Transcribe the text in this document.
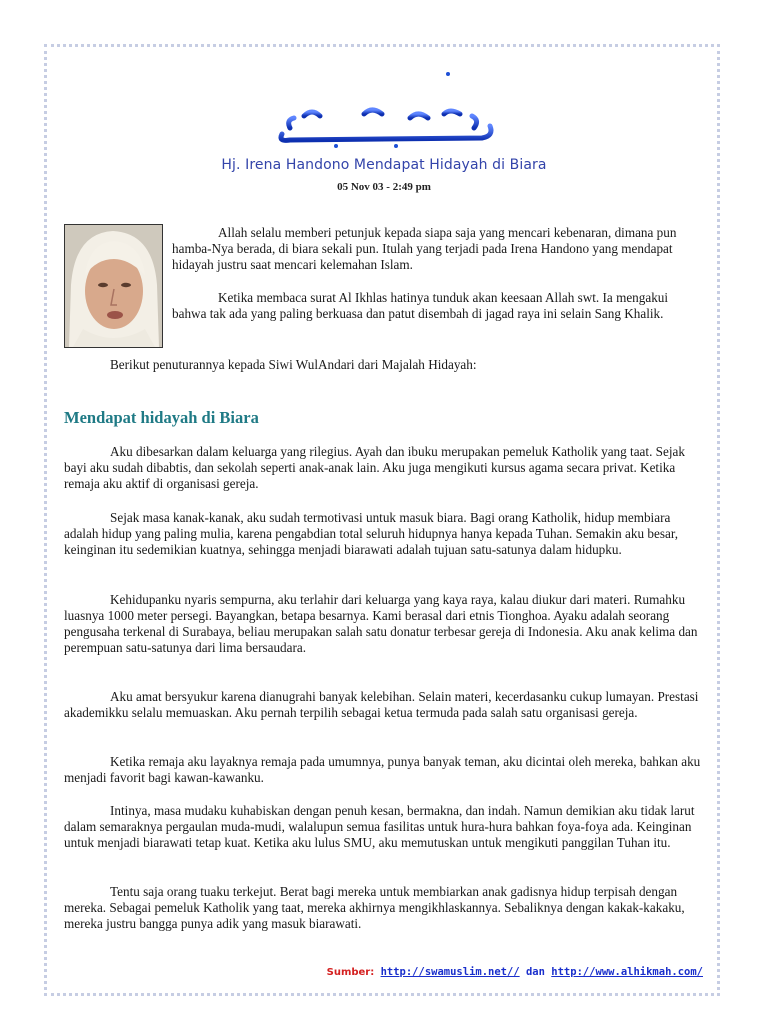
Hj. Irena Handono Mendapat Hidayah di Biara
05 Nov 03 - 2:49 pm

Allah selalu memberi petunjuk kepada siapa saja yang mencari kebenaran, dimana pun hamba-Nya berada, di biara sekali pun. Itulah yang terjadi pada Irena Handono yang mendapat hidayah justru saat mencari kelemahan Islam.

Ketika membaca surat Al Ikhlas hatinya tunduk akan keesaan Allah swt. Ia mengakui bahwa tak ada yang paling berkuasa dan patut disembah di jagad raya ini selain Sang Khalik.

Berikut penuturannya kepada Siwi WulAndari dari Majalah Hidayah:

Mendapat hidayah di Biara

Aku dibesarkan dalam keluarga yang rilegius. Ayah dan ibuku merupakan pemeluk Katholik yang taat. Sejak bayi aku sudah dibabtis, dan sekolah seperti anak-anak lain. Aku juga mengikuti kursus agama secara privat. Ketika remaja aku aktif di organisasi gereja.

Sejak masa kanak-kanak, aku sudah termotivasi untuk masuk biara. Bagi orang Katholik, hidup membiara adalah hidup yang paling mulia, karena pengabdian total seluruh hidupnya hanya kepada Tuhan. Semakin aku besar, keinginan itu sedemikian kuatnya, sehingga menjadi biarawati adalah tujuan satu-satunya dalam hidupku.

Kehidupanku nyaris sempurna, aku terlahir dari keluarga yang kaya raya, kalau diukur dari materi. Rumahku luasnya 1000 meter persegi. Bayangkan, betapa besarnya. Kami berasal dari etnis Tionghoa. Ayaku adalah seorang pengusaha terkenal di Surabaya, beliau merupakan salah satu donatur terbesar gereja di Indonesia. Aku anak kelima dan perempuan satu-satunya dari lima bersaudara.

Aku amat bersyukur karena dianugrahi banyak kelebihan. Selain materi, kecerdasanku cukup lumayan. Prestasi akademikku selalu memuaskan. Aku pernah terpilih sebagai ketua termuda pada salah satu organisasi gereja.

Ketika remaja aku layaknya remaja pada umumnya, punya banyak teman, aku dicintai oleh mereka, bahkan aku menjadi favorit bagi kawan-kawanku.

Intinya, masa mudaku kuhabiskan dengan penuh kesan, bermakna, dan indah. Namun demikian aku tidak larut dalam semaraknya pergaulan muda-mudi, walalupun semua fasilitas untuk hura-hura bahkan foya-foya ada. Keinginan untuk menjadi biarawati tetap kuat. Ketika aku lulus SMU, aku memutuskan untuk mengikuti panggilan Tuhan itu.

Tentu saja orang tuaku terkejut. Berat bagi mereka untuk membiarkan anak gadisnya hidup terpisah dengan mereka. Sebagai pemeluk Katholik yang taat, mereka akhirnya mengikhlaskannya. Sebaliknya dengan kakak-kakaku, mereka justru bangga punya adik yang masuk biarawati.

Sumber: http://swamuslim.net// dan http://www.alhikmah.com/
